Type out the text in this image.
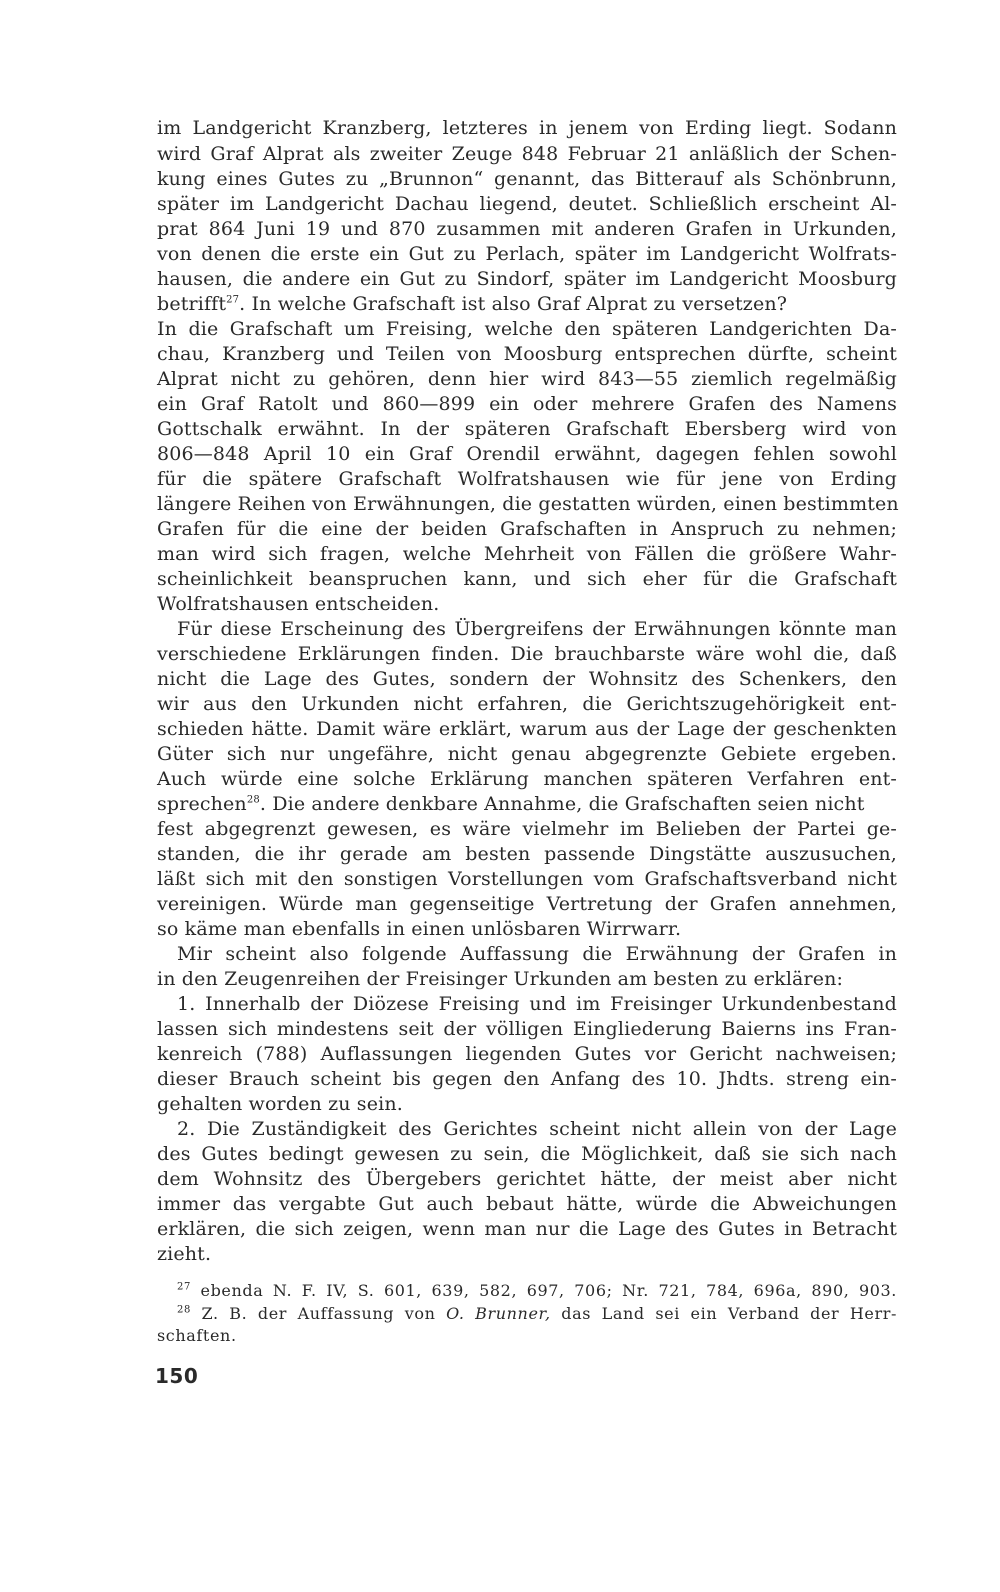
im Landgericht Kranzberg, letzteres in jenem von Erding liegt. Sodann
wird Graf Alprat als zweiter Zeuge 848 Februar 21 anläßlich der Schen-
kung eines Gutes zu „Brunnon“ genannt, das Bitterauf als Schönbrunn,
später im Landgericht Dachau liegend, deutet. Schließlich erscheint Al-
prat 864 Juni 19 und 870 zusammen mit anderen Grafen in Urkunden,
von denen die erste ein Gut zu Perlach, später im Landgericht Wolfrats-
hausen, die andere ein Gut zu Sindorf, später im Landgericht Moosburg
betrifft$^{27}$. In welche Grafschaft ist also Graf Alprat zu versetzen?
In die Grafschaft um Freising, welche den späteren Landgerichten Da-
chau, Kranzberg und Teilen von Moosburg entsprechen dürfte, scheint
Alprat nicht zu gehören, denn hier wird 843—55 ziemlich regelmäßig
ein Graf Ratolt und 860—899 ein oder mehrere Grafen des Namens
Gottschalk erwähnt. In der späteren Grafschaft Ebersberg wird von
806—848 April 10 ein Graf Orendil erwähnt, dagegen fehlen sowohl
für die spätere Grafschaft Wolfratshausen wie für jene von Erding
längere Reihen von Erwähnungen, die gestatten würden, einen bestimmten
Grafen für die eine der beiden Grafschaften in Anspruch zu nehmen;
man wird sich fragen, welche Mehrheit von Fällen die größere Wahr-
scheinlichkeit beanspruchen kann, und sich eher für die Grafschaft
Wolfratshausen entscheiden.
Für diese Erscheinung des Übergreifens der Erwähnungen könnte man
verschiedene Erklärungen finden. Die brauchbarste wäre wohl die, daß
nicht die Lage des Gutes, sondern der Wohnsitz des Schenkers, den
wir aus den Urkunden nicht erfahren, die Gerichtszugehörigkeit ent-
schieden hätte. Damit wäre erklärt, warum aus der Lage der geschenkten
Güter sich nur ungefähre, nicht genau abgegrenzte Gebiete ergeben.
Auch würde eine solche Erklärung manchen späteren Verfahren ent-
sprechen$^{28}$. Die andere denkbare Annahme, die Grafschaften seien nicht
fest abgegrenzt gewesen, es wäre vielmehr im Belieben der Partei ge-
standen, die ihr gerade am besten passende Dingstätte auszusuchen,
läßt sich mit den sonstigen Vorstellungen vom Grafschaftsverband nicht
vereinigen. Würde man gegenseitige Vertretung der Grafen annehmen,
so käme man ebenfalls in einen unlösbaren Wirrwarr.
Mir scheint also folgende Auffassung die Erwähnung der Grafen in
in den Zeugenreihen der Freisinger Urkunden am besten zu erklären:
1. Innerhalb der Diözese Freising und im Freisinger Urkundenbestand
lassen sich mindestens seit der völligen Eingliederung Baierns ins Fran-
kenreich (788) Auflassungen liegenden Gutes vor Gericht nachweisen;
dieser Brauch scheint bis gegen den Anfang des 10. Jhdts. streng ein-
gehalten worden zu sein.
2. Die Zuständigkeit des Gerichtes scheint nicht allein von der Lage
des Gutes bedingt gewesen zu sein, die Möglichkeit, daß sie sich nach
dem Wohnsitz des Übergebers gerichtet hätte, der meist aber nicht
immer das vergabte Gut auch bebaut hätte, würde die Abweichungen
erklären, die sich zeigen, wenn man nur die Lage des Gutes in Betracht
zieht.
$^{27}$ ebenda N. F. IV, S. 601, 639, 582, 697, 706; Nr. 721, 784, 696a, 890, 903.
$^{28}$ Z. B. der Auffassung von O. Brunner, das Land sei ein Verband der Herr-
schaften.
150
